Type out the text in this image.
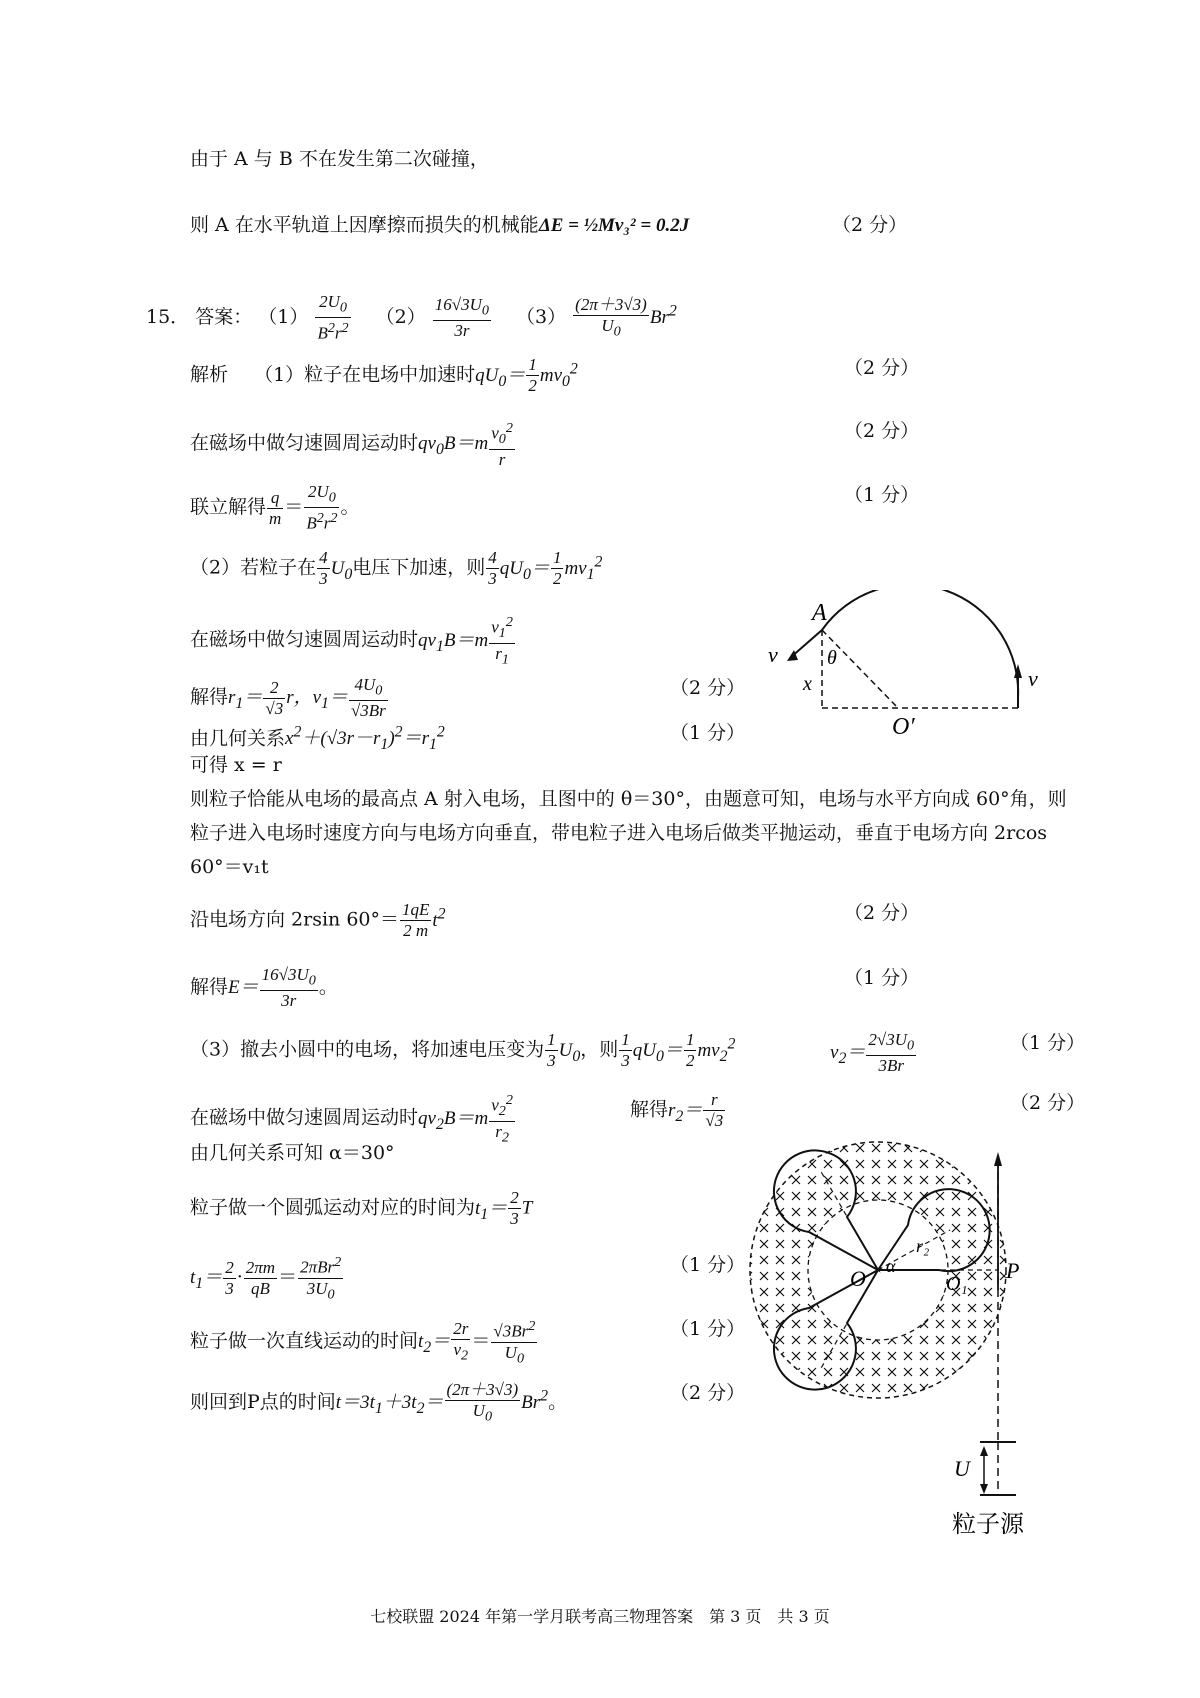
由于 A 与 B 不在发生第二次碰撞，
则 A 在水平轨道上因摩擦而损失的机械能ΔE = ½Mv₃² = 0.2J	（2 分）
15． 答案： $(1) \frac{2U_0}{B^2r^2} (2) \frac{16√3U_0}{3r} (3) \frac{(2\pi+3√3)}{U_0} Br^2$
解析 （1）粒子在电场中加速时$qU_0= \frac{1}{2} mv_0^2$	（2 分）
在磁场中做匀速圆周运动时$qv_0B=m \frac{v_0^2}{r}$	（2 分）
联立解得 $\frac{q}{m} = \frac{2U_0}{B^2r^2}$ 。
（1 分）
（2）若粒子在 $\frac{4}{3} U_0$电压下加速，则 $\frac{4}{3} qU_0= \frac{1}{2} mv_1^2$
在磁场中做匀速圆周运动时$qv_1B=m \frac{v_1^2}{r_1}$
解得$r_1= \frac{2}{√3}$ r，$v_1= \frac{4U_0}{√3Br}$	（2 分）
由几何关系$x^2+(√3r-r_1)^2=r_1^2$	（1 分）
可得 x = r
则粒子恰能从电场的最高点 A 射入电场，且图中的 θ＝30°，由题意可知，电场与水平方向成 60°角，则粒子进入电场时速度方向与电场方向垂直，带电粒子进入电场后做类平抛运动，垂直于电场方向 2rcos 60°＝v₁t
沿电场方向 2rsin $60^\circ= \frac{1qE}{2 m} t^2$	（2 分）
解得$E= \frac{16√3U_0}{3r}$ 。	（1 分）
（3）撤去小圆中的电场，将加速电压变为 $\frac{1}{3} U_0$，则 $\frac{1}{3} qU_0= \frac{1}{2} mv_2^2$	$v_2= \frac{2√3U_0}{3Br}$	（1 分）
在磁场中做匀速圆周运动时$qv_2B=m \frac{v_2^2}{r_2}$	解得$r_2= \frac{r}{√3}$	（2 分）
由几何关系可知 α＝30°
粒子做一个圆弧运动对应的时间为$t_1= \frac{2}{3}$ T
$t_1= \frac{2}{3} \cdot \frac{2\pi m}{qB} = \frac{2\pi Br^2}{3U_0}$	（1 分）
粒子做一次直线运动的时间$t_2= \frac{2r}{v_2} = \frac{√3Br^2}{U_0}$	（1 分）
则回到P点的时间$t=3t_1+3t_2= \frac{(2\pi+3√3)}{U_0} Br^2$。	（2 分）
A
v θ
x
O′
v
O α
r₂
O₁
P
U
粒子源
七校联盟 2024 年第一学月联考高三物理答案　第 3 页　共 3 页
